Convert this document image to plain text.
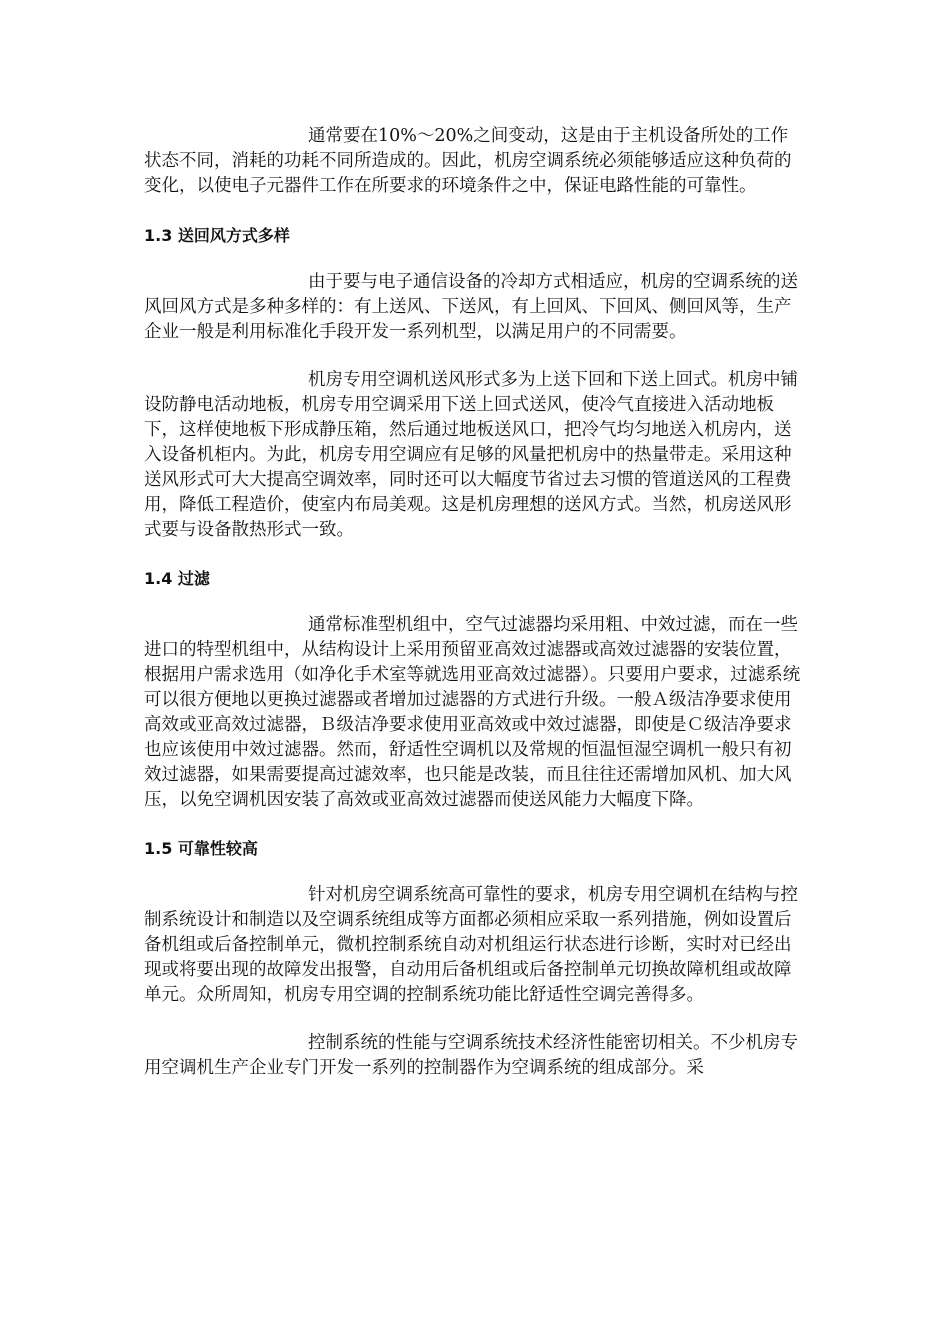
通常要在10%～20%之间变动，这是由于主机设备所处的工作状态不同，消耗的功耗不同所造成的。因此，机房空调系统必须能够适应这种负荷的变化，以使电子元器件工作在所要求的环境条件之中，保证电路性能的可靠性。

1.3 送回风方式多样

由于要与电子通信设备的冷却方式相适应，机房的空调系统的送风回风方式是多种多样的：有上送风、下送风，有上回风、下回风、侧回风等，生产企业一般是利用标准化手段开发一系列机型，以满足用户的不同需要。

机房专用空调机送风形式多为上送下回和下送上回式。机房中铺设防静电活动地板，机房专用空调采用下送上回式送风，使冷气直接进入活动地板下，这样使地板下形成静压箱，然后通过地板送风口，把冷气均匀地送入机房内，送入设备机柜内。为此，机房专用空调应有足够的风量把机房中的热量带走。采用这种送风形式可大大提高空调效率，同时还可以大幅度节省过去习惯的管道送风的工程费用，降低工程造价，使室内布局美观。这是机房理想的送风方式。当然，机房送风形式要与设备散热形式一致。

1.4 过滤

通常标准型机组中，空气过滤器均采用粗、中效过滤，而在一些进口的特型机组中，从结构设计上采用预留亚高效过滤器或高效过滤器的安装位置，根据用户需求选用（如净化手术室等就选用亚高效过滤器）。只要用户要求，过滤系统可以很方便地以更换过滤器或者增加过滤器的方式进行升级。一般Ａ级洁净要求使用高效或亚高效过滤器，Ｂ级洁净要求使用亚高效或中效过滤器，即使是Ｃ级洁净要求也应该使用中效过滤器。然而，舒适性空调机以及常规的恒温恒湿空调机一般只有初效过滤器，如果需要提高过滤效率，也只能是改装，而且往往还需增加风机、加大风压，以免空调机因安装了高效或亚高效过滤器而使送风能力大幅度下降。

1.5 可靠性较高

针对机房空调系统高可靠性的要求，机房专用空调机在结构与控制系统设计和制造以及空调系统组成等方面都必须相应采取一系列措施，例如设置后备机组或后备控制单元，微机控制系统自动对机组运行状态进行诊断，实时对已经出现或将要出现的故障发出报警，自动用后备机组或后备控制单元切换故障机组或故障单元。众所周知，机房专用空调的控制系统功能比舒适性空调完善得多。

控制系统的性能与空调系统技术经济性能密切相关。不少机房专用空调机生产企业专门开发一系列的控制器作为空调系统的组成部分。采
